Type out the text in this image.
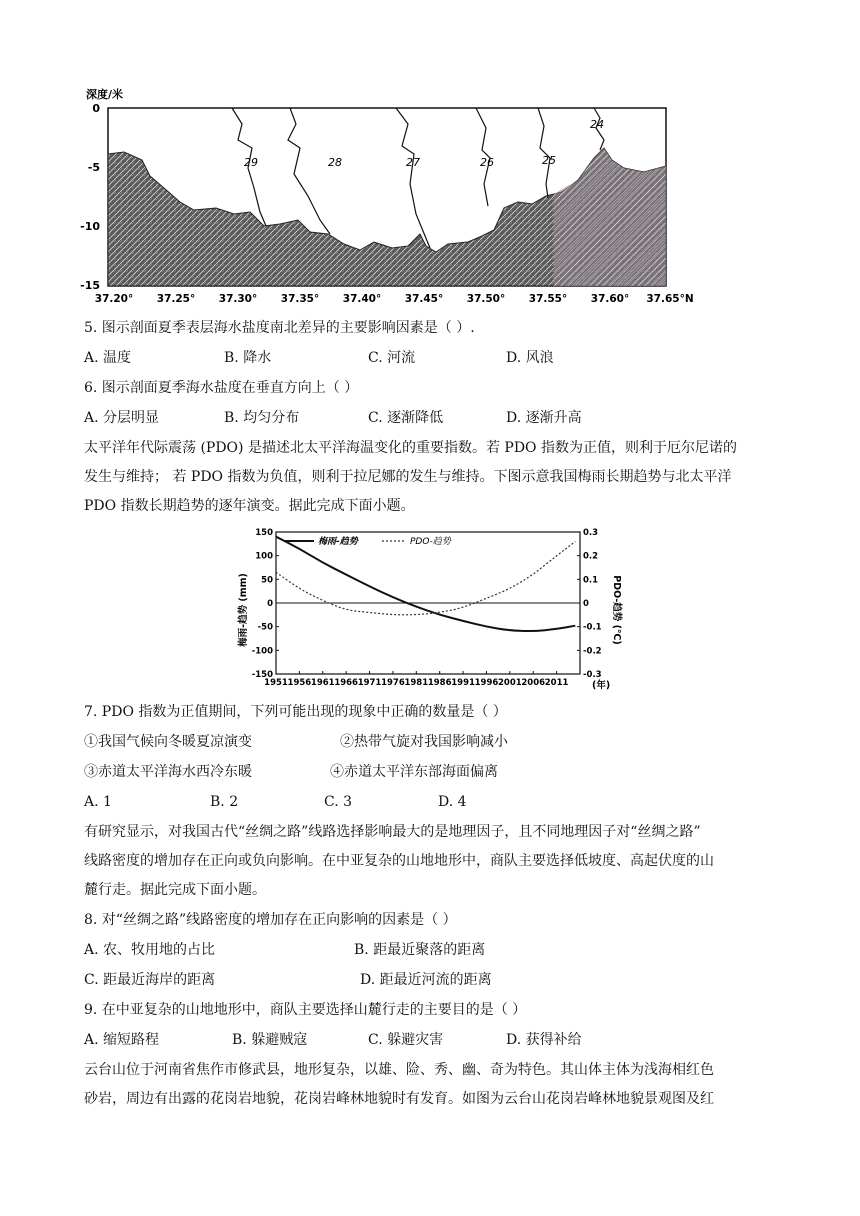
深度/米
0
-5
-10
-15
29	28	27	26	25
24
37.20° 37.25° 37.30° 37.35° 37.40° 37.45° 37.50° 37.55° 37.60° 37.65°N
5. 图示剖面夏季表层海水盐度南北差异的主要影响因素是（ ）.
A. 温度	B. 降水	C. 河流	D. 风浪
6. 图示剖面夏季海水盐度在垂直方向上（ ）
A. 分层明显	B. 均匀分布	C. 逐渐降低	D. 逐渐升高
太平洋年代际震荡 (PDO) 是描述北太平洋海温变化的重要指数。若 PDO 指数为正值，则利于厄尔尼诺的
发生与维持； 若 PDO 指数为负值，则利于拉尼娜的发生与维持。下图示意我国梅雨长期趋势与北太平洋
PDO 指数长期趋势的逐年演变。据此完成下面小题。
150
100
50
0
-50
-100
-150
0.3
0.2
0.1
0
-0.1
-0.2
-0.3
1951 1956 1961 1966 1971 1976 1981 1986 1991 1996 2001 2006 2011
梅雨-趋势	PDO-趋势
梅雨-趋势 (mm)	PDO-趋势 (℃)
(年)
7. PDO 指数为正值期间，下列可能出现的现象中正确的数量是（ ）
①我国气候向冬暖夏凉演变	②热带气旋对我国影响减小
③赤道太平洋海水西冷东暖	④赤道太平洋东部海面偏离
A. 1	B. 2	C. 3	D. 4
有研究显示，对我国古代“丝绸之路”线路选择影响最大的是地理因子，且不同地理因子对“丝绸之路”
线路密度的增加存在正向或负向影响。在中亚复杂的山地地形中，商队主要选择低坡度、高起伏度的山
麓行走。据此完成下面小题。
8. 对“丝绸之路”线路密度的增加存在正向影响的因素是（ ）
A. 农、牧用地的占比	B. 距最近聚落的距离
C. 距最近海岸的距离	D. 距最近河流的距离
9. 在中亚复杂的山地地形中，商队主要选择山麓行走的主要目的是（ ）
A. 缩短路程	B. 躲避贼寇	C. 躲避灾害	D. 获得补给
云台山位于河南省焦作市修武县，地形复杂，以雄、险、秀、幽、奇为特色。其山体主体为浅海相红色
砂岩，周边有出露的花岗岩地貌，花岗岩峰林地貌时有发育。如图为云台山花岗岩峰林地貌景观图及红
